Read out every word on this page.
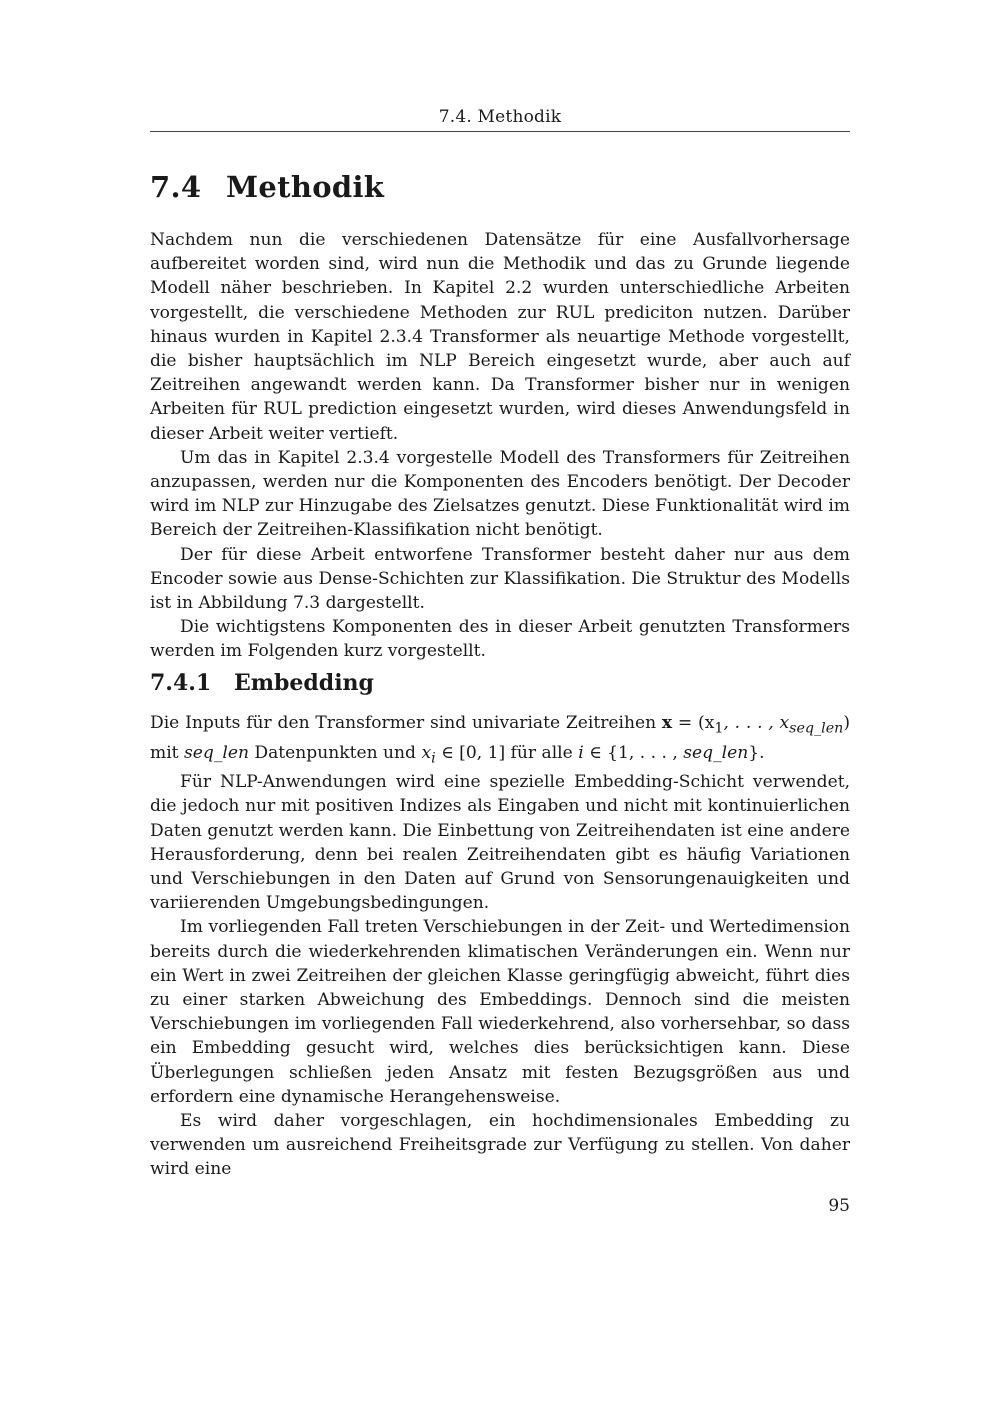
7.4. Methodik
7.4 Methodik

Nachdem nun die verschiedenen Datensätze für eine Ausfallvorhersage aufbereitet worden sind, wird nun die Methodik und das zu Grunde liegende Modell näher beschrieben. In Kapitel 2.2 wurden unterschiedliche Arbeiten vorgestellt, die verschiedene Methoden zur RUL prediciton nutzen. Darüber hinaus wurden in Kapitel 2.3.4 Transformer als neuartige Methode vorgestellt, die bisher hauptsächlich im NLP Bereich eingesetzt wurde, aber auch auf Zeitreihen angewandt werden kann. Da Transformer bisher nur in wenigen Arbeiten für RUL prediction eingesetzt wurden, wird dieses Anwendungsfeld in dieser Arbeit weiter vertieft.

Um das in Kapitel 2.3.4 vorgestelle Modell des Transformers für Zeitreihen anzupassen, werden nur die Komponenten des Encoders benötigt. Der Decoder wird im NLP zur Hinzugabe des Zielsatzes genutzt. Diese Funktionalität wird im Bereich der Zeitreihen-Klassifikation nicht benötigt.

Der für diese Arbeit entworfene Transformer besteht daher nur aus dem Encoder sowie aus Dense-Schichten zur Klassifikation. Die Struktur des Modells ist in Abbildung 7.3 dargestellt.

Die wichtigstens Komponenten des in dieser Arbeit genutzten Transformers werden im Folgenden kurz vorgestellt.

7.4.1 Embedding

Die Inputs für den Transformer sind univariate Zeitreihen $x = (x_1$, . . . , $x_{seq\_len}$) mit seq_len Datenpunkten und $x_i$ ∈ [0, 1] für alle i ∈ {1, . . . , seq_len}.

Für NLP-Anwendungen wird eine spezielle Embedding-Schicht verwendet, die jedoch nur mit positiven Indizes als Eingaben und nicht mit kontinuierlichen Daten genutzt werden kann. Die Einbettung von Zeitreihendaten ist eine andere Herausforderung, denn bei realen Zeitreihendaten gibt es häufig Variationen und Verschiebungen in den Daten auf Grund von Sensorungenauigkeiten und variierenden Umgebungsbedingungen.

Im vorliegenden Fall treten Verschiebungen in der Zeit- und Wertedimension bereits durch die wiederkehrenden klimatischen Veränderungen ein. Wenn nur ein Wert in zwei Zeitreihen der gleichen Klasse geringfügig abweicht, führt dies zu einer starken Abweichung des Embeddings. Dennoch sind die meisten Verschiebungen im vorliegenden Fall wiederkehrend, also vorhersehbar, so dass ein Embedding gesucht wird, welches dies berücksichtigen kann. Diese Überlegungen schließen jeden Ansatz mit festen Bezugsgrößen aus und erfordern eine dynamische Herangehensweise.

Es wird daher vorgeschlagen, ein hochdimensionales Embedding zu verwenden um ausreichend Freiheitsgrade zur Verfügung zu stellen. Von daher wird eine

95
